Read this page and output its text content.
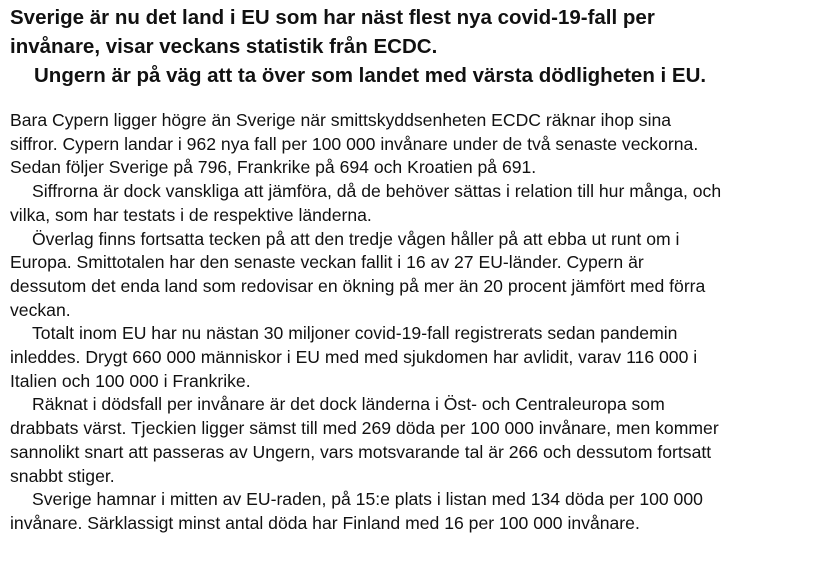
Sverige är nu det land i EU som har näst flest nya covid-19-fall per
invånare, visar veckans statistik från ECDC.
Ungern är på väg att ta över som landet med värsta dödligheten i EU.

Bara Cypern ligger högre än Sverige när smittskyddsenheten ECDC räknar ihop sina
siffror. Cypern landar i 962 nya fall per 100 000 invånare under de två senaste veckorna.
Sedan följer Sverige på 796, Frankrike på 694 och Kroatien på 691.

Siffrorna är dock vanskliga att jämföra, då de behöver sättas i relation till hur många, och
vilka, som har testats i de respektive länderna.

Överlag finns fortsatta tecken på att den tredje vågen håller på att ebba ut runt om i
Europa. Smittotalen har den senaste veckan fallit i 16 av 27 EU-länder. Cypern är
dessutom det enda land som redovisar en ökning på mer än 20 procent jämfört med förra
veckan.

Totalt inom EU har nu nästan 30 miljoner covid-19-fall registrerats sedan pandemin
inleddes. Drygt 660 000 människor i EU med med sjukdomen har avlidit, varav 116 000 i
Italien och 100 000 i Frankrike.

Räknat i dödsfall per invånare är det dock länderna i Öst- och Centraleuropa som
drabbats värst. Tjeckien ligger sämst till med 269 döda per 100 000 invånare, men kommer
sannolikt snart att passeras av Ungern, vars motsvarande tal är 266 och dessutom fortsatt
snabbt stiger.

Sverige hamnar i mitten av EU-raden, på 15:e plats i listan med 134 döda per 100 000
invånare. Särklassigt minst antal döda har Finland med 16 per 100 000 invånare.
